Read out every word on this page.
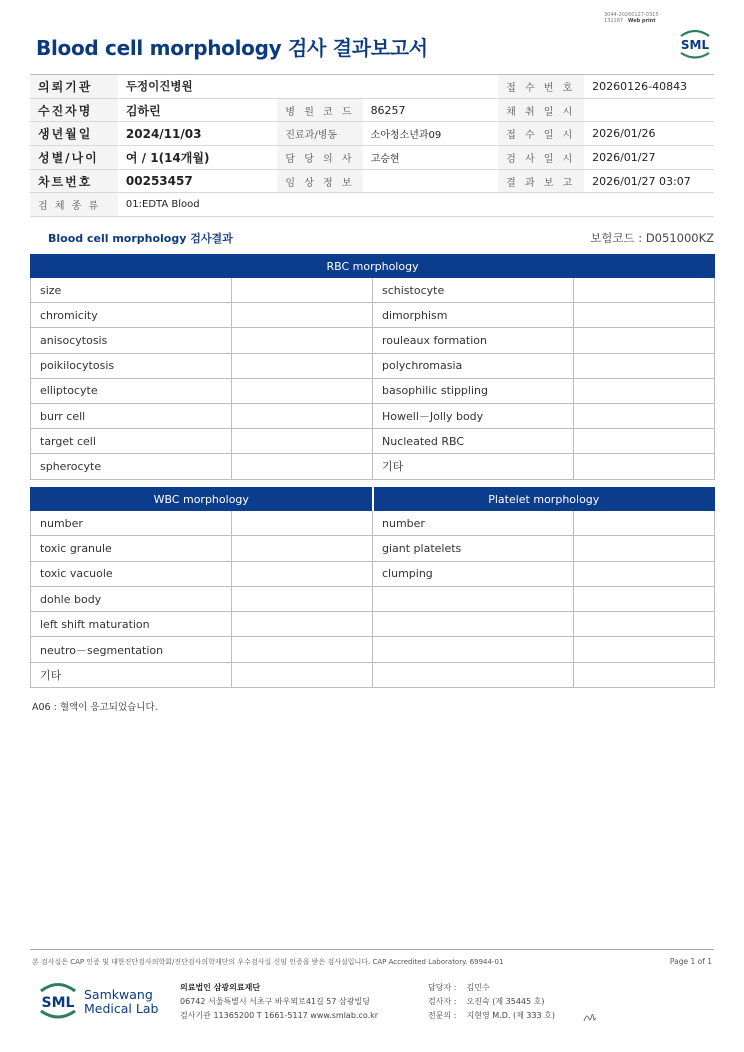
3044-20260127-0315
131187 Web print
Blood cell morphology 검사 결과보고서	SML
의뢰기관	두정이진병원			접 수 번 호	20260126-40843
수진자명	김하린	병 원 코 드	86257	채 취 일 시	
생년월일	2024/11/03	진료과/병동	소아청소년과09	접 수 일 시	2026/01/26
성별/나이	여 / 1(14개월)	담 당 의 사	고승현	검 사 일 시	2026/01/27
차트번호	00253457	임 상 정 보		결 과 보 고	2026/01/27 03:07
검 체 종 류	01:EDTA Blood				
Blood cell morphology 검사결과	보험코드 : D051000KZ
RBC morphology			
size		schistocyte	
chromicity		dimorphism	
anisocytosis		rouleaux formation	
poikilocytosis		polychromasia	
elliptocyte		basophilic stippling	
burr cell		Howell－Jolly body	
target cell		Nucleated RBC	
spherocyte		기타	
WBC morphology		Platelet morphology	
number		number	
toxic granule		giant platelets	
toxic vacuole		clumping	
dohle body			
left shift maturation			
neutro－segmentation			
기타			
A06 : 혈액이 응고되었습니다.
본 검사실은 CAP 인증 및 대한진단검사의학회/진단검사의학재단의 우수검사실 신임 인증을 받은 검사실입니다. CAP Accredited Laboratory. 69944-01	Page 1 of 1
SML
Samkwang
Medical Lab
의료법인 삼광의료재단
06742 서울특별시 서초구 바우뫼로41길 57 삼광빌딩
검사기관 11365200 T 1661-5117 www.smlab.co.kr
담당자 : 김민수
검사자 : 오진숙 (제 35445 호)
전문의 : 지현영 M.D. (제 333 호)
